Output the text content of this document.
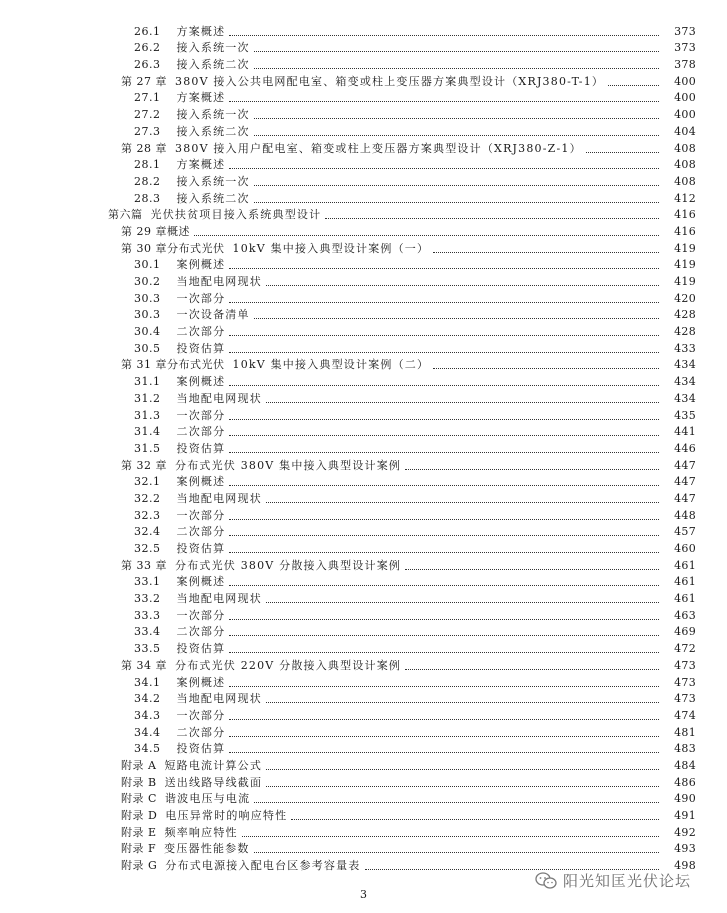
26.1 方案概述	373
26.2 接入系统一次	373
26.3 接入系统二次	378
第 27 章 380V 接入公共电网配电室、箱变或柱上变压器方案典型设计（XRJ380-T-1）	400
27.1 方案概述	400
27.2 接入系统一次	400
27.3 接入系统二次	404
第 28 章 380V 接入用户配电室、箱变或柱上变压器方案典型设计（XRJ380-Z-1）	408
28.1 方案概述	408
28.2 接入系统一次	408
28.3 接入系统二次	412
第六篇 光伏扶贫项目接入系统典型设计	416
第 29 章概述	416
第 30 章分布式光伏 10kV 集中接入典型设计案例（一）	419
30.1 案例概述	419
30.2 当地配电网现状	419
30.3 一次部分	420
30.3 一次设备清单	428
30.4 二次部分	428
30.5 投资估算	433
第 31 章分布式光伏 10kV 集中接入典型设计案例（二）	434
31.1 案例概述	434
31.2 当地配电网现状	434
31.3 一次部分	435
31.4 二次部分	441
31.5 投资估算	446
第 32 章 分布式光伏 380V 集中接入典型设计案例	447
32.1 案例概述	447
32.2 当地配电网现状	447
32.3 一次部分	448
32.4 二次部分	457
32.5 投资估算	460
第 33 章 分布式光伏 380V 分散接入典型设计案例	461
33.1 案例概述	461
33.2 当地配电网现状	461
33.3 一次部分	463
33.4 二次部分	469
33.5 投资估算	472
第 34 章 分布式光伏 220V 分散接入典型设计案例	473
34.1 案例概述	473
34.2 当地配电网现状	473
34.3 一次部分	474
34.4 二次部分	481
34.5 投资估算	483
附录 A 短路电流计算公式	484
附录 B 送出线路导线截面	486
附录 C 谐波电压与电流	490
附录 D 电压异常时的响应特性	491
附录 E 频率响应特性	492
附录 F 变压器性能参数	493
附录 G 分布式电源接入配电台区参考容量表	498
3
阳光知匡光伏论坛
